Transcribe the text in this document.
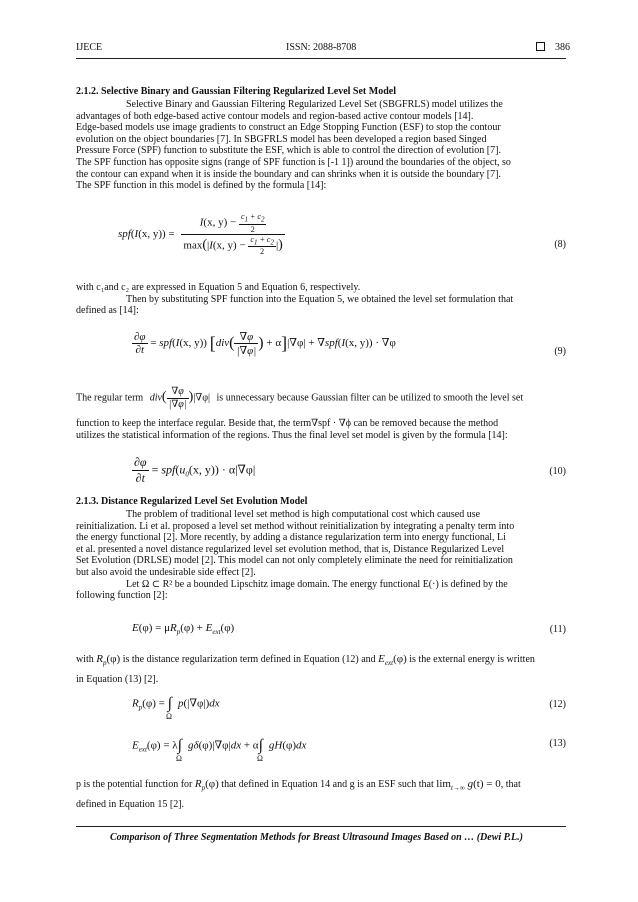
IJECE	ISSN: 2088-8708	386
2.1.2. Selective Binary and Gaussian Filtering Regularized Level Set Model
Selective Binary and Gaussian Filtering Regularized Level Set (SBGFRLS) model utilizes the
advantages of both edge-based active contour models and region-based active contour models [14].
Edge-based models use image gradients to construct an Edge Stopping Function (ESF) to stop the contour
evolution on the object boundaries [7]. In SBGFRLS model has been developed a region based Singed
Pressure Force (SPF) function to substitute the ESF, which is able to control the direction of evolution [7].
The SPF function has opposite signs (range of SPF function is [-1 1]) around the boundaries of the object, so
the contour can expand when it is inside the boundary and can shrinks when it is outside the boundary [7].
The SPF function in this model is defined by the formula [14]:
spf(I(x, $y)) = \frac{I(x, y) - \frac{c_1 + c_2}{2}}{\max(|I(x, y) - \frac{c_1 + c_2}{2} |)}$	(8)
with c₁and c₂ are expressed in Equation 5 and Equation 6, respectively.
Then by substituting SPF function into the Equation 5, we obtained the level set formulation that
defined as [14]:
$\frac{\partial\varphi}{\partial t} = spf(I(x$, y)) [$div( \frac{\nabla\varphi}{|\nabla\varphi|}$ ) + α]|∇φ| + ∇spf(I(x, y)) · ∇φ
(9)
The regular term $div( \frac{\nabla\varphi}{|\nabla\varphi|} )|\nabla\varphi|$ is unnecessary because Gaussian filter can be utilized to smooth the level set
function to keep the interface regular. Beside that, the term∇spf · ∇ϕ can be removed because the method
utilizes the statistical information of the regions. Thus the final level set model is given by the formula [14]:
$\frac{\partial\varphi}{\partial t} = spf(u_0(x$, y)) · α|∇φ|	(10)
2.1.3. Distance Regularized Level Set Evolution Model
The problem of traditional level set method is high computational cost which caused use
reinitialization. Li et al. proposed a level set method without reinitialization by integrating a penalty term into
the energy functional [2]. More recently, by adding a distance regularization term into energy functional, Li
et al. presented a novel distance regularized level set evolution method, that is, Distance Regularized Level
Set Evolution (DRLSE) model [2]. This model can not only completely eliminate the need for reinitialization
but also avoid the undesirable side effect [2].
Let Ω ⊂ R² be a bounded Lipschitz image domain. The energy functional E(·) is defined by the
following function [2]:
$E(\varphi) = \mu R_p(\varphi) + E_{ext}(\varphi)$	(11)
with $R_p(\varphi)$ is the distance regularization term defined in Equation (12) and $E_{ext}(\varphi)$ is the external energy is written
in Equation (13) [2].
$R_p(\varphi) = \int_\Omega p(|\nabla\varphi|)dx$	(12)
$E_{ext}(\varphi) = \lambda\int_\Omega g\delta(\varphi)|\nabla\varphi|dx + \alpha\int_\Omega gH(\varphi)dx$	(13)
p is the potential function for $R_p(\varphi)$ that defined in Equation 14 and g is an ESF such that $\lim_{t\to\infty} g(t) = 0$, that
defined in Equation 15 [2].
Comparison of Three Segmentation Methods for Breast Ultrasound Images Based on … (Dewi P.L.)
